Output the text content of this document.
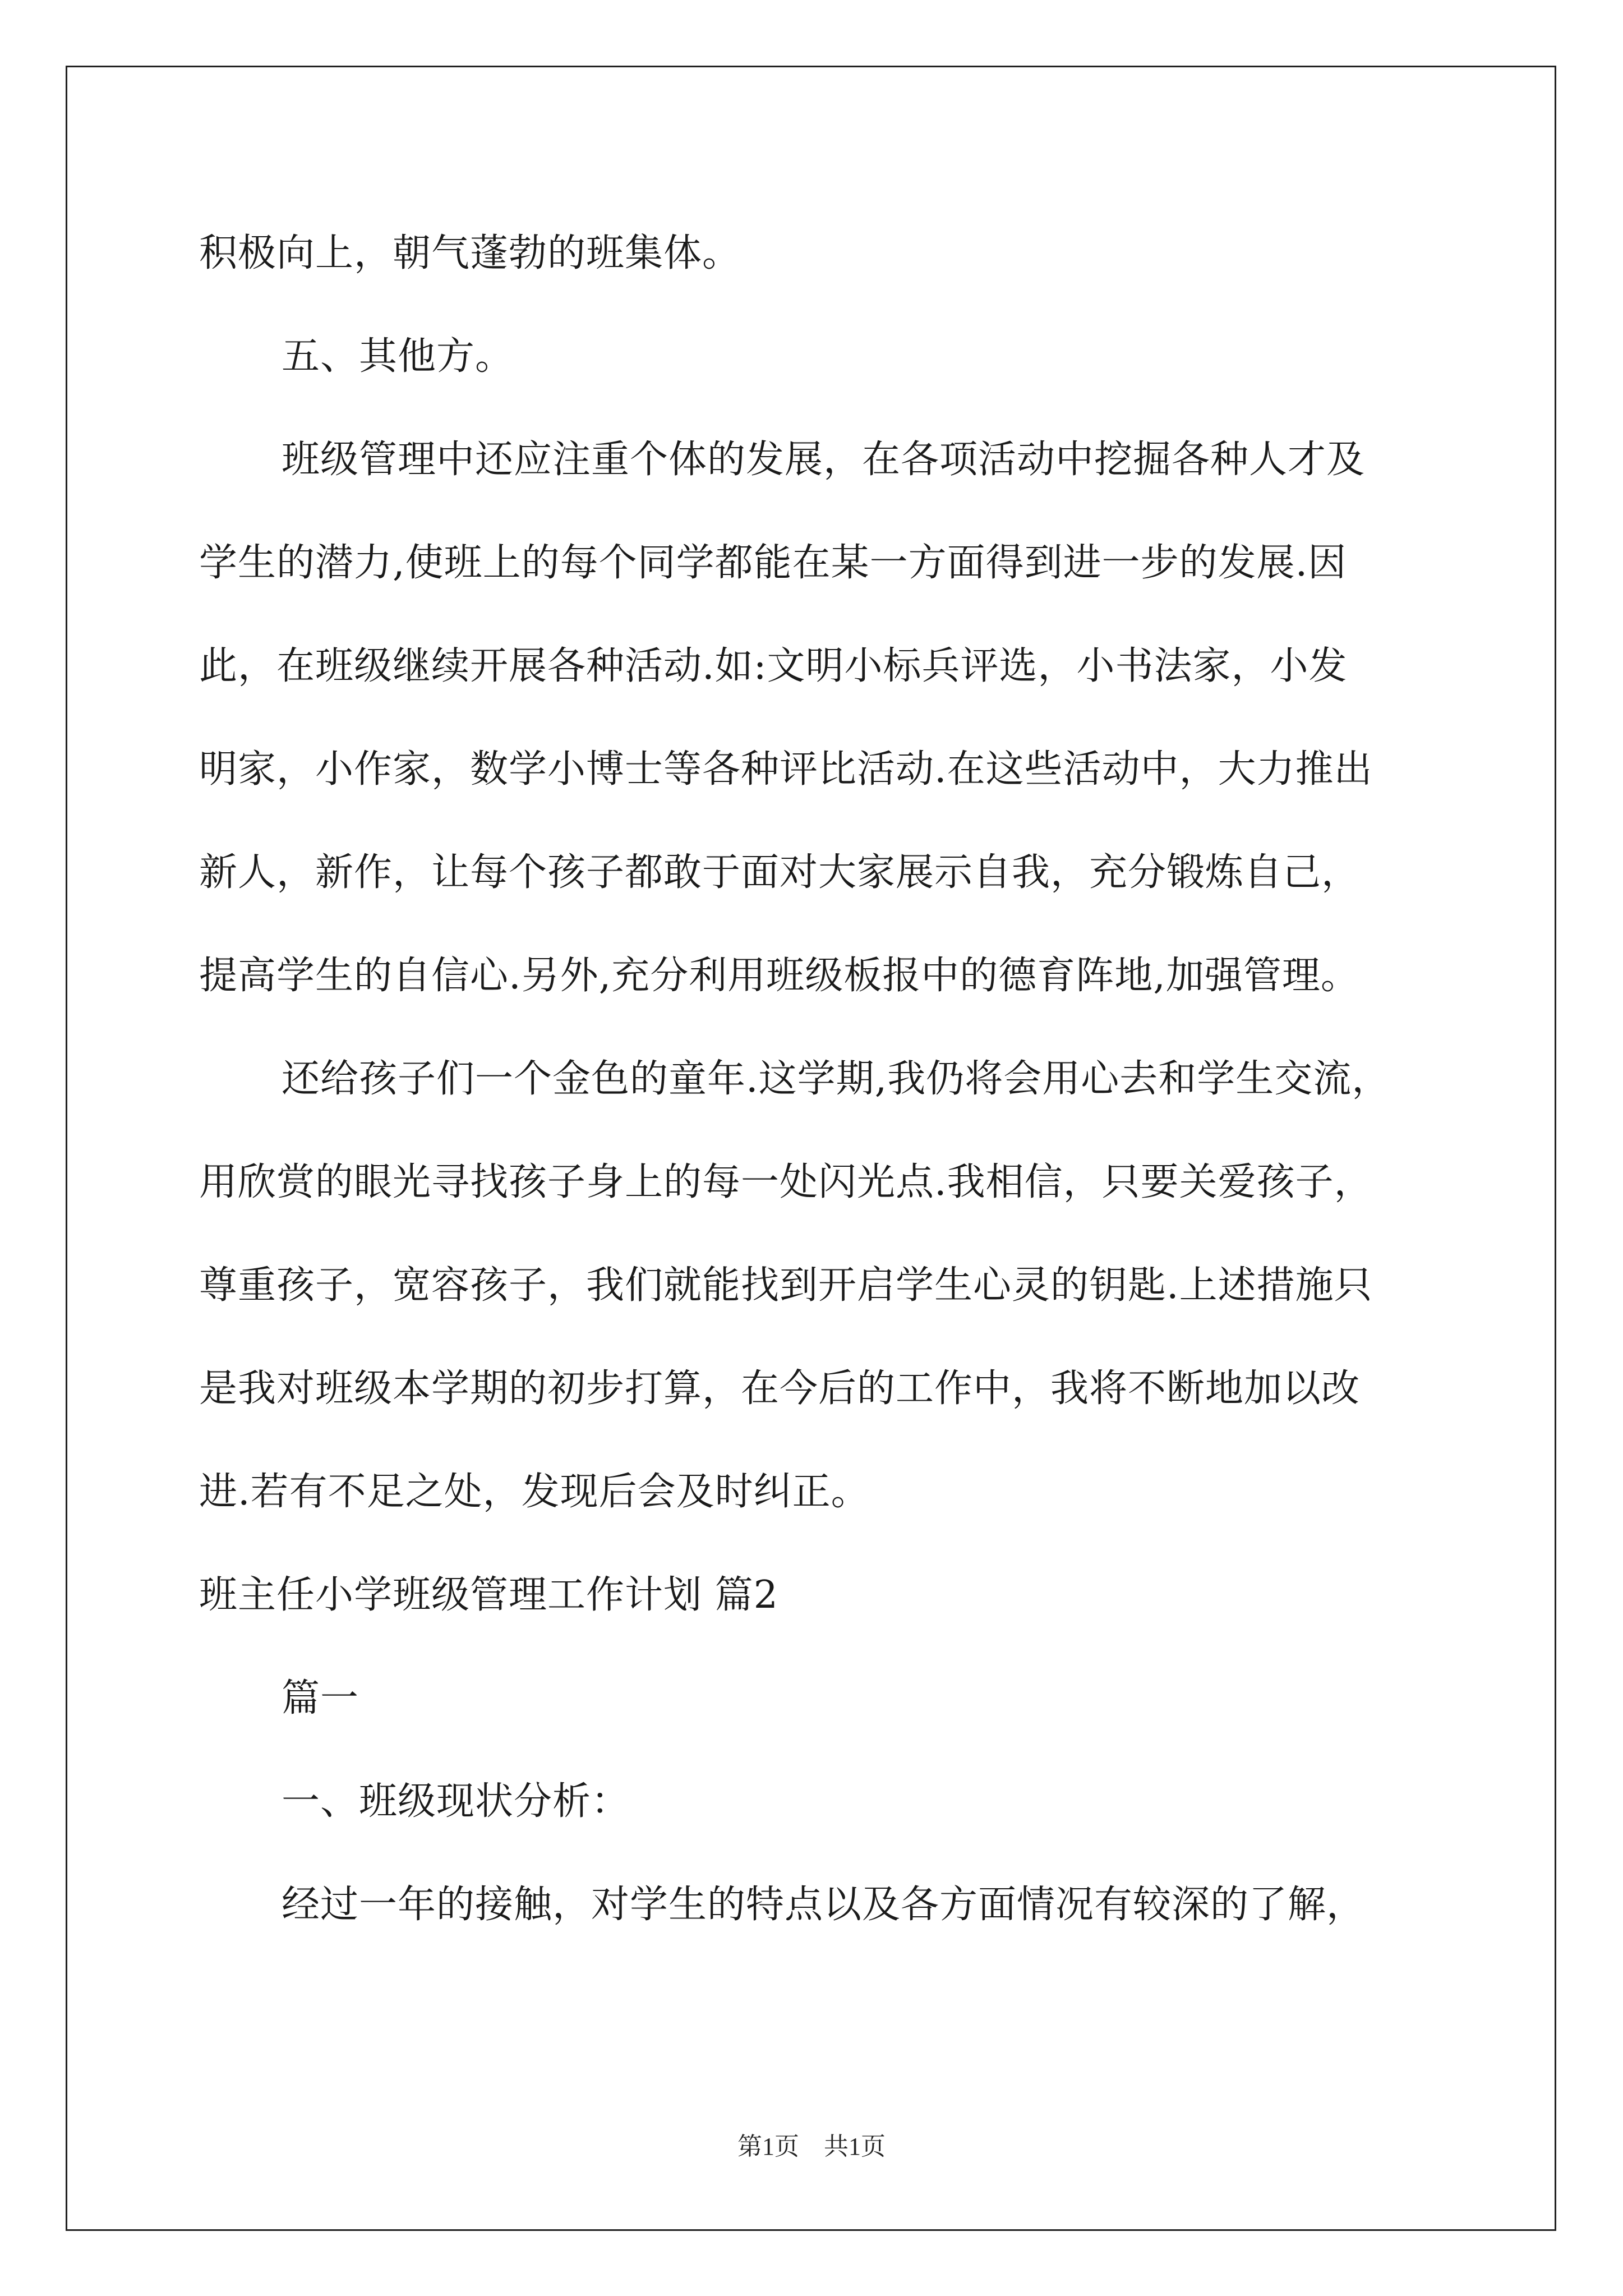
积极向上，朝气蓬勃的班集体。
五、其他方。
班级管理中还应注重个体的发展，在各项活动中挖掘各种人才及
学生的潜力,使班上的每个同学都能在某一方面得到进一步的发展.因
此，在班级继续开展各种活动.如:文明小标兵评选，小书法家，小发
明家，小作家，数学小博士等各种评比活动.在这些活动中，大力推出
新人，新作，让每个孩子都敢于面对大家展示自我，充分锻炼自己，
提高学生的自信心.另外,充分利用班级板报中的德育阵地,加强管理。
还给孩子们一个金色的童年.这学期,我仍将会用心去和学生交流，
用欣赏的眼光寻找孩子身上的每一处闪光点.我相信，只要关爱孩子，
尊重孩子，宽容孩子，我们就能找到开启学生心灵的钥匙.上述措施只
是我对班级本学期的初步打算，在今后的工作中，我将不断地加以改
进.若有不足之处，发现后会及时纠正。
班主任小学班级管理工作计划 篇2
篇一
一、班级现状分析：
经过一年的接触，对学生的特点以及各方面情况有较深的了解，
第1页　共1页
